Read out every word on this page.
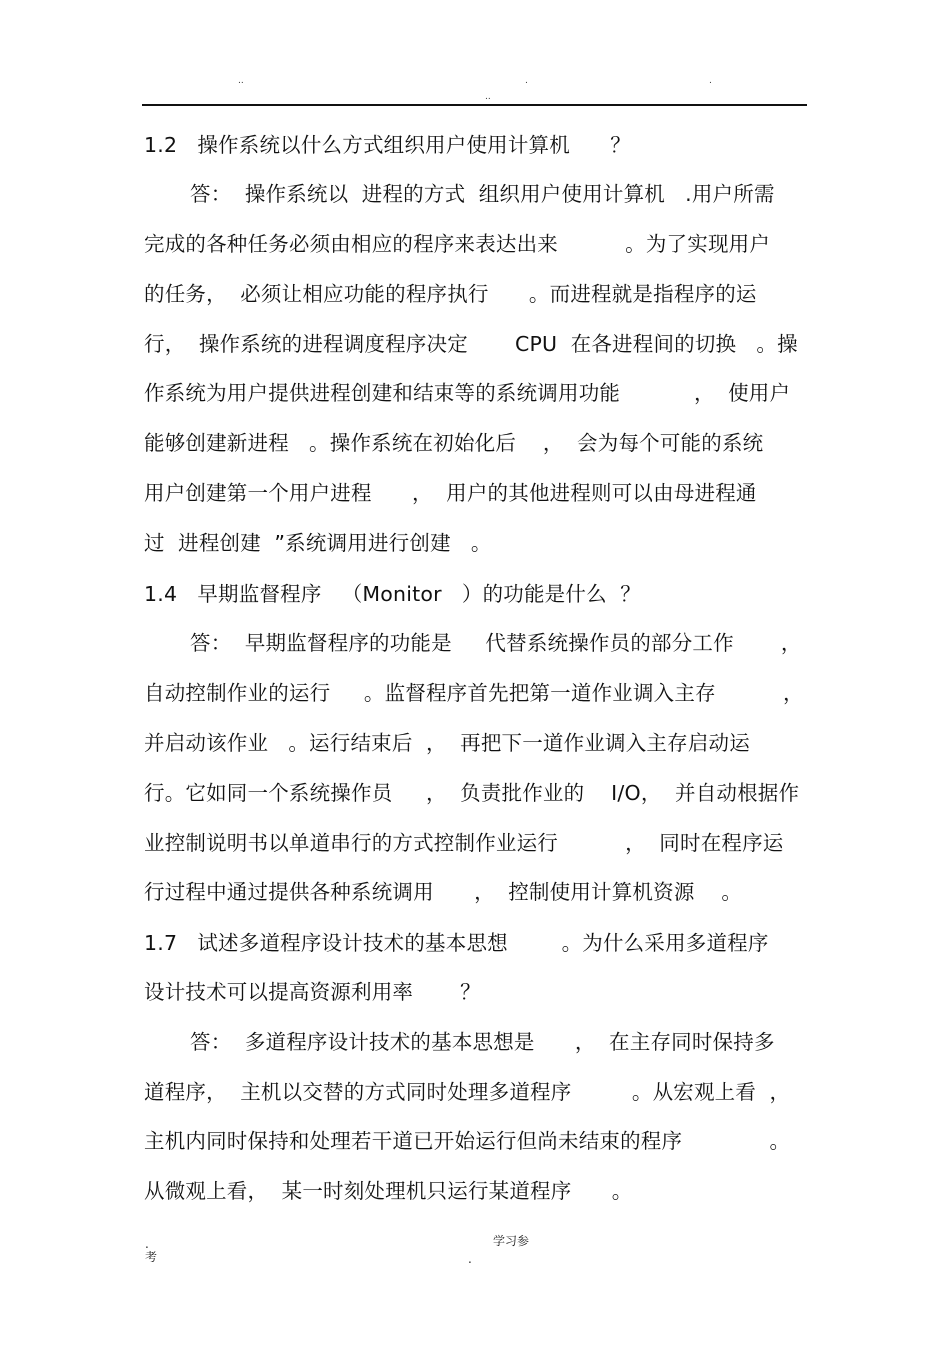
..	.	.
..
1.2   操作系统以什么方式组织用户使用计算机      ？
答：  操作系统以  进程的方式  组织用户使用计算机   .用户所需
完成的各种任务必须由相应的程序来表达出来          。为了实现用户
的任务，  必须让相应功能的程序执行      。而进程就是指程序的运
行，  操作系统的进程调度程序决定       CPU  在各进程间的切换   。操
作系统为用户提供进程创建和结束等的系统调用功能           ，  使用户
能够创建新进程   。操作系统在初始化后    ，  会为每个可能的系统
用户创建第一个用户进程      ，  用户的其他进程则可以由母进程通
过  进程创建  ”系统调用进行创建   。
1.4   早期监督程序   （Monitor   ）的功能是什么  ？
答：  早期监督程序的功能是     代替系统操作员的部分工作       ，
自动控制作业的运行     。监督程序首先把第一道作业调入主存          ，
并启动该作业   。运行结束后  ，  再把下一道作业调入主存启动运
行。它如同一个系统操作员     ，  负责批作业的    I/O，  并自动根据作
业控制说明书以单道串行的方式控制作业运行          ，  同时在程序运
行过程中通过提供各种系统调用      ，  控制使用计算机资源    。
1.7   试述多道程序设计技术的基本思想        。为什么采用多道程序
设计技术可以提高资源利用率       ？
答：  多道程序设计技术的基本思想是      ，  在主存同时保持多
道程序，  主机以交替的方式同时处理多道程序         。从宏观上看  ，
主机内同时保持和处理若干道已开始运行但尚未结束的程序             。
从微观上看，  某一时刻处理机只运行某道程序      。
.
考
学习参
.
